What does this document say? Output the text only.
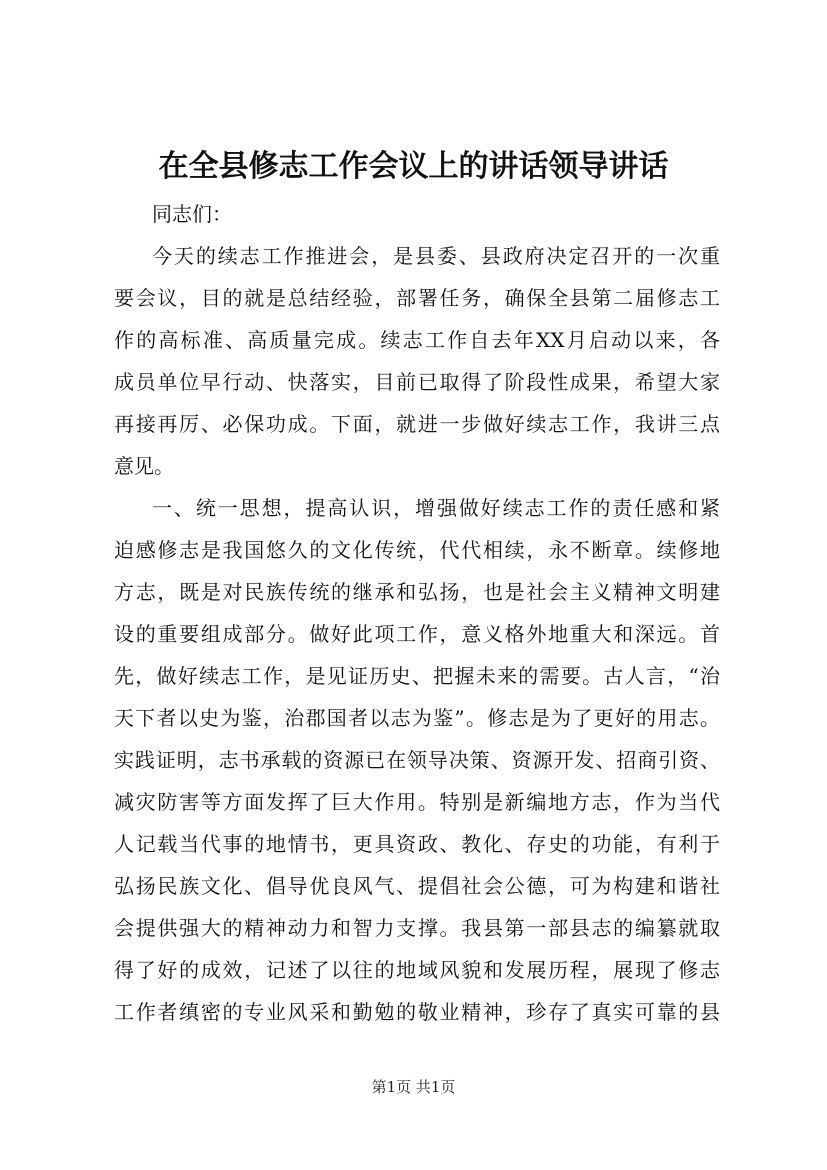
在全县修志工作会议上的讲话领导讲话
同志们：
今天的续志工作推进会，是县委、县政府决定召开的一次重
要会议，目的就是总结经验，部署任务，确保全县第二届修志工
作的高标准、高质量完成。续志工作自去年XX月启动以来，各
成员单位早行动、快落实，目前已取得了阶段性成果，希望大家
再接再厉、必保功成。下面，就进一步做好续志工作，我讲三点
意见。
一、统一思想，提高认识，增强做好续志工作的责任感和紧
迫感修志是我国悠久的文化传统，代代相续，永不断章。续修地
方志，既是对民族传统的继承和弘扬，也是社会主义精神文明建
设的重要组成部分。做好此项工作，意义格外地重大和深远。首
先，做好续志工作，是见证历史、把握未来的需要。古人言，“治
天下者以史为鉴，治郡国者以志为鉴”。修志是为了更好的用志。
实践证明，志书承载的资源已在领导决策、资源开发、招商引资、
减灾防害等方面发挥了巨大作用。特别是新编地方志，作为当代
人记载当代事的地情书，更具资政、教化、存史的功能，有利于
弘扬民族文化、倡导优良风气、提倡社会公德，可为构建和谐社
会提供强大的精神动力和智力支撑。我县第一部县志的编纂就取
得了好的成效，记述了以往的地域风貌和发展历程，展现了修志
工作者缜密的专业风采和勤勉的敬业精神，珍存了真实可靠的县
第1页 共1页
